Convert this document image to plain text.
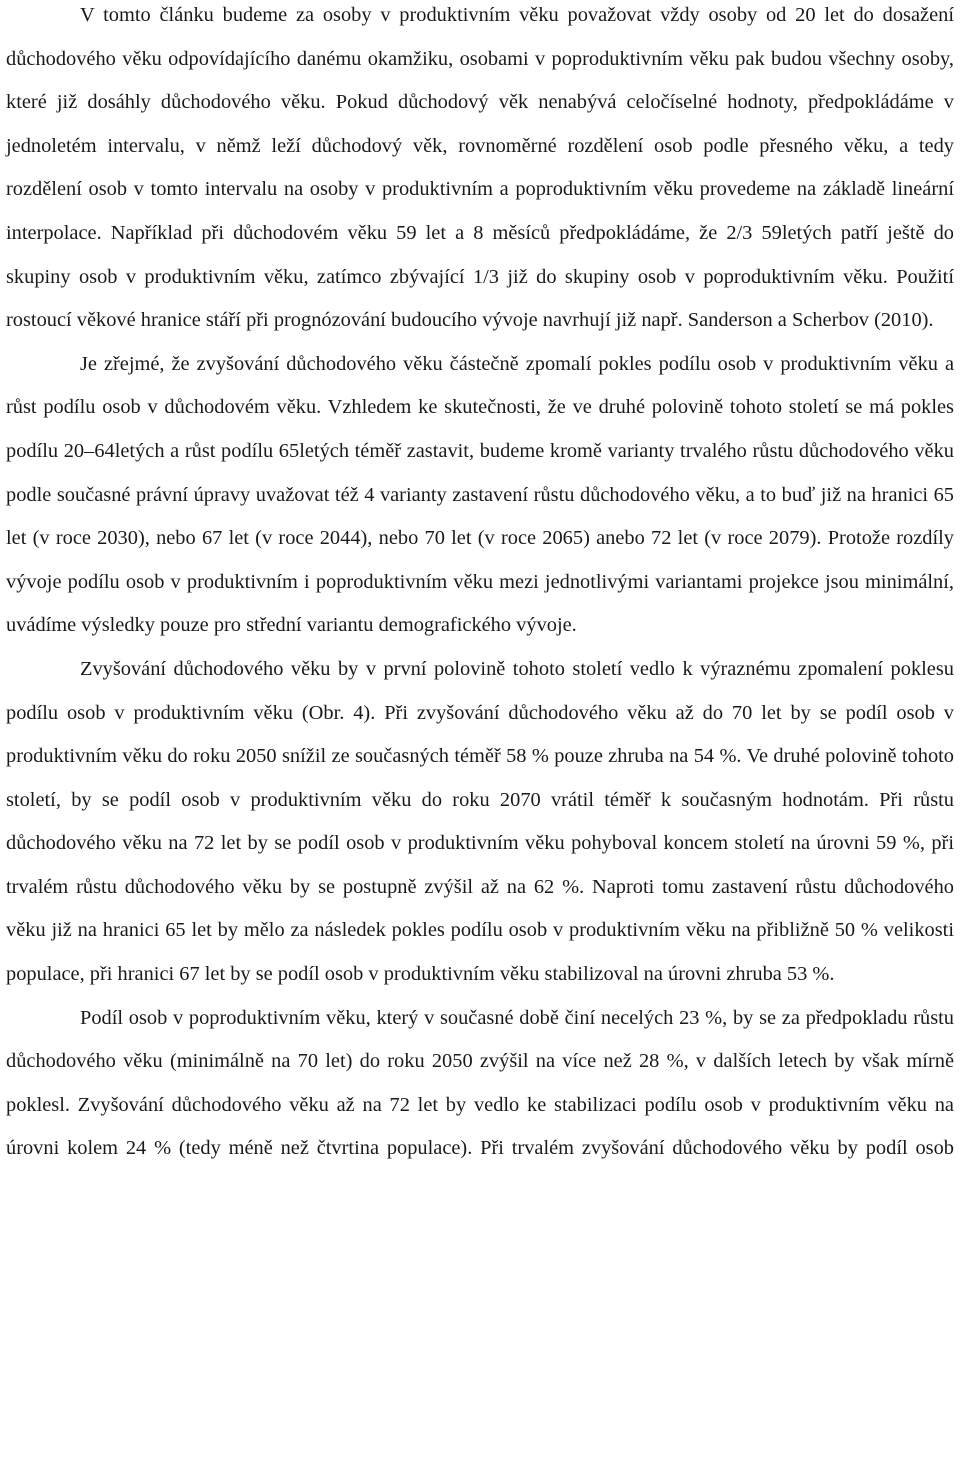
V tomto článku budeme za osoby v produktivním věku považovat vždy osoby od 20 let do dosažení důchodového věku odpovídajícího danému okamžiku, osobami v poproduktivním věku pak budou všechny osoby, které již dosáhly důchodového věku. Pokud důchodový věk nenabývá celočíselné hodnoty, předpokládáme v jednoletém intervalu, v němž leží důchodový věk, rovnoměrné rozdělení osob podle přesného věku, a tedy rozdělení osob v tomto intervalu na osoby v produktivním a poproduktivním věku provedeme na základě lineární interpolace. Například při důchodovém věku 59 let a 8 měsíců předpokládáme, že 2/3 59letých patří ještě do skupiny osob v produktivním věku, zatímco zbývající 1/3 již do skupiny osob v poproduktivním věku. Použití rostoucí věkové hranice stáří při prognózování budoucího vývoje navrhují již např. Sanderson a Scherbov (2010).

Je zřejmé, že zvyšování důchodového věku částečně zpomalí pokles podílu osob v produktivním věku a růst podílu osob v důchodovém věku. Vzhledem ke skutečnosti, že ve druhé polovině tohoto století se má pokles podílu 20–64letých a růst podílu 65letých téměř zastavit, budeme kromě varianty trvalého růstu důchodového věku podle současné právní úpravy uvažovat též 4 varianty zastavení růstu důchodového věku, a to buď již na hranici 65 let (v roce 2030), nebo 67 let (v roce 2044), nebo 70 let (v roce 2065) anebo 72 let (v roce 2079). Protože rozdíly vývoje podílu osob v produktivním i poproduktivním věku mezi jednotlivými variantami projekce jsou minimální, uvádíme výsledky pouze pro střední variantu demografického vývoje.

Zvyšování důchodového věku by v první polovině tohoto století vedlo k výraznému zpomalení poklesu podílu osob v produktivním věku (Obr. 4). Při zvyšování důchodového věku až do 70 let by se podíl osob v produktivním věku do roku 2050 snížil ze současných téměř 58 % pouze zhruba na 54 %. Ve druhé polovině tohoto století, by se podíl osob v produktivním věku do roku 2070 vrátil téměř k současným hodnotám. Při růstu důchodového věku na 72 let by se podíl osob v produktivním věku pohyboval koncem století na úrovni 59 %, při trvalém růstu důchodového věku by se postupně zvýšil až na 62 %. Naproti tomu zastavení růstu důchodového věku již na hranici 65 let by mělo za následek pokles podílu osob v produktivním věku na přibližně 50 % velikosti populace, při hranici 67 let by se podíl osob v produktivním věku stabilizoval na úrovni zhruba 53 %.

Podíl osob v poproduktivním věku, který v současné době činí necelých 23 %, by se za předpokladu růstu důchodového věku (minimálně na 70 let) do roku 2050 zvýšil na více než 28 %, v dalších letech by však mírně poklesl. Zvyšování důchodového věku až na 72 let by vedlo ke stabilizaci podílu osob v produktivním věku na úrovni kolem 24 % (tedy méně než čtvrtina populace). Při trvalém zvyšování důchodového věku by podíl osob
